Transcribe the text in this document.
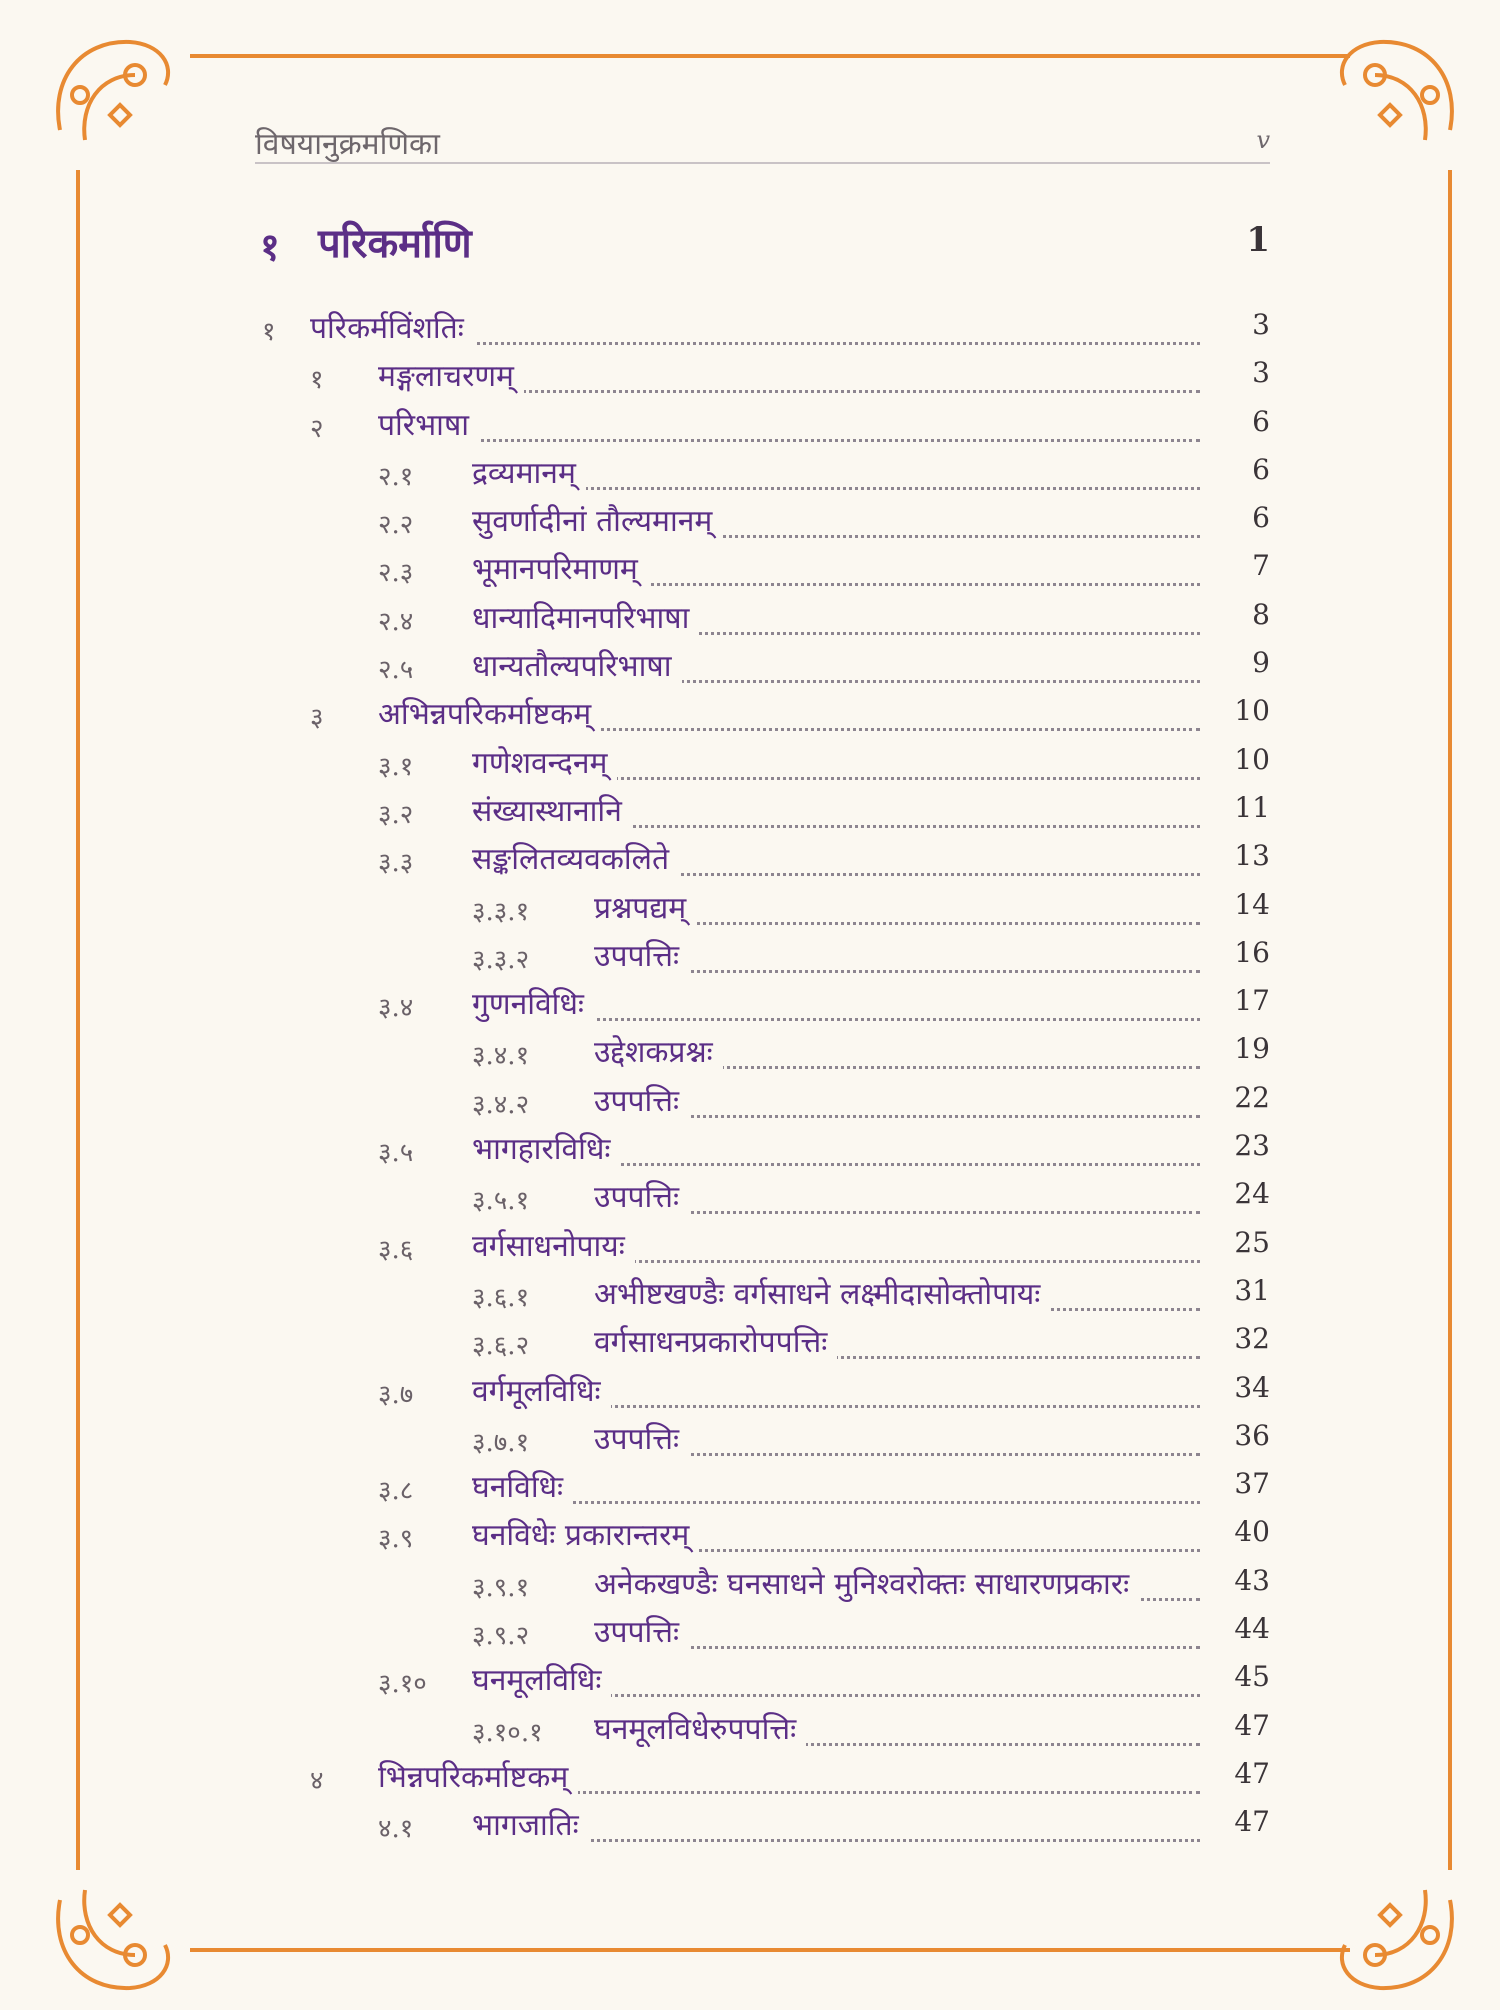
विषयानुक्रमणिका	v
१ परिकर्माणि	1
१ परिकर्मविंशतिः	3
१ मङ्गलाचरणम्	3
२ परिभाषा	6
२.१ द्रव्यमानम्	6
२.२ सुवर्णादीनां तौल्यमानम्	6
२.३ भूमानपरिमाणम्	7
२.४ धान्यादिमानपरिभाषा	8
२.५ धान्यतौल्यपरिभाषा	9
३ अभिन्नपरिकर्माष्टकम्	10
३.१ गणेशवन्दनम्	10
३.२ संख्यास्थानानि	11
३.३ सङ्कलितव्यवकलिते	13
३.३.१ प्रश्नपद्यम्	14
३.३.२ उपपत्तिः	16
३.४ गुणनविधिः	17
३.४.१ उद्देशकप्रश्नः	19
३.४.२ उपपत्तिः	22
३.५ भागहारविधिः	23
३.५.१ उपपत्तिः	24
३.६ वर्गसाधनोपायः	25
३.६.१ अभीष्टखण्डैः वर्गसाधने लक्ष्मीदासोक्तोपायः	31
३.६.२ वर्गसाधनप्रकारोपपत्तिः	32
३.७ वर्गमूलविधिः	34
३.७.१ उपपत्तिः	36
३.८ घनविधिः	37
३.९ घनविधेः प्रकारान्तरम्	40
३.९.१ अनेकखण्डैः घनसाधने मुनिश्वरोक्तः साधारणप्रकारः	43
३.९.२ उपपत्तिः	44
३.१० घनमूलविधिः	45
३.१०.१ घनमूलविधेरुपपत्तिः	47
४ भिन्नपरिकर्माष्टकम्	47
४.१ भागजातिः	47
